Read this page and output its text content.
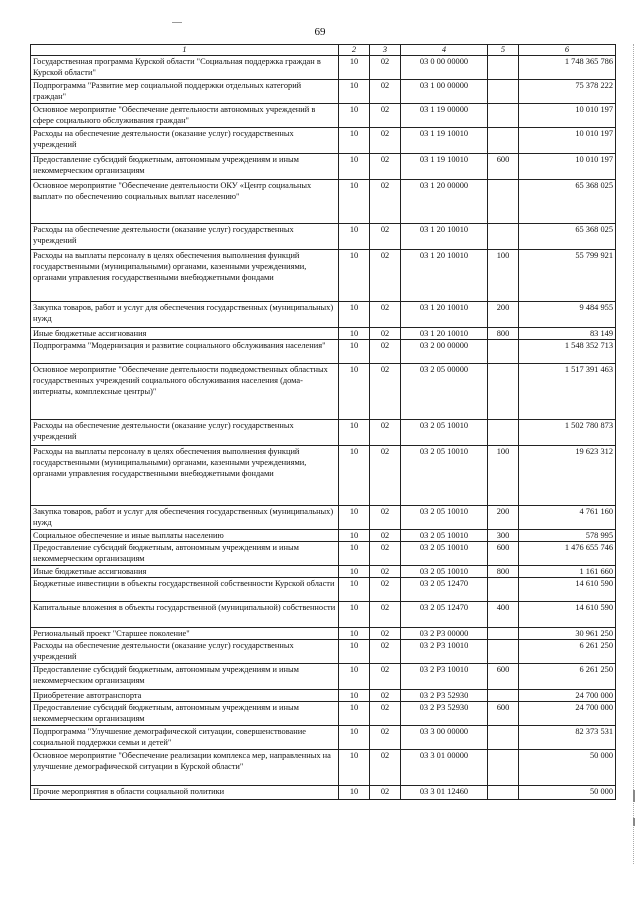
69
1	2	3	4	5	6
Государственная программа Курской области "Социальная поддержка граждан в Курской области"	10	02	03 0 00 00000		1 748 365 786
Подпрограмма "Развитие мер социальной поддержки отдельных категорий граждан"	10	02	03 1 00 00000		75 378 222
Основное мероприятие "Обеспечение деятельности автономных учреждений в сфере социального обслуживания граждан"	10	02	03 1 19 00000		10 010 197
Расходы на обеспечение деятельности (оказание услуг) государственных учреждений	10	02	03 1 19 10010		10 010 197
Предоставление субсидий бюджетным, автономным учреждениям и иным некоммерческим организациям	10	02	03 1 19 10010	600	10 010 197
Основное мероприятие "Обеспечение деятельности ОКУ «Центр социальных выплат» по обеспечению социальных выплат населению"	10	02	03 1 20 00000		65 368 025
Расходы на обеспечение деятельности (оказание услуг) государственных учреждений	10	02	03 1 20 10010		65 368 025
Расходы на выплаты персоналу в целях обеспечения выполнения функций государственными (муниципальными) органами, казенными учреждениями, органами управления государственными внебюджетными фондами	10	02	03 1 20 10010	100	55 799 921
Закупка товаров, работ и услуг для обеспечения государственных (муниципальных) нужд	10	02	03 1 20 10010	200	9 484 955
Иные бюджетные ассигнования	10	02	03 1 20 10010	800	83 149
Подпрограмма "Модернизация и развитие социального обслуживания населения"	10	02	03 2 00 00000		1 548 352 713
Основное мероприятие "Обеспечение деятельности подведомственных областных государственных учреждений социального обслуживания населения (дома-интернаты, комплексные центры)"	10	02	03 2 05 00000		1 517 391 463
Расходы на обеспечение деятельности (оказание услуг) государственных учреждений	10	02	03 2 05 10010		1 502 780 873
Расходы на выплаты персоналу в целях обеспечения выполнения функций государственными (муниципальными) органами, казенными учреждениями, органами управления государственными внебюджетными фондами	10	02	03 2 05 10010	100	19 623 312
Закупка товаров, работ и услуг для обеспечения государственных (муниципальных) нужд	10	02	03 2 05 10010	200	4 761 160
Социальное обеспечение и иные выплаты населению	10	02	03 2 05 10010	300	578 995
Предоставление субсидий бюджетным, автономным учреждениям и иным некоммерческим организациям	10	02	03 2 05 10010	600	1 476 655 746
Иные бюджетные ассигнования	10	02	03 2 05 10010	800	1 161 660
Бюджетные инвестиции в объекты государственной собственности Курской области	10	02	03 2 05 12470		14 610 590
Капитальные вложения в объекты государственной (муниципальной) собственности	10	02	03 2 05 12470	400	14 610 590
Региональный проект "Старшее поколение"	10	02	03 2 P3 00000		30 961 250
Расходы на обеспечение деятельности (оказание услуг) государственных учреждений	10	02	03 2 P3 10010		6 261 250
Предоставление субсидий бюджетным, автономным учреждениям и иным некоммерческим организациям	10	02	03 2 P3 10010	600	6 261 250
Приобретение автотранспорта	10	02	03 2 P3 52930		24 700 000
Предоставление субсидий бюджетным, автономным учреждениям и иным некоммерческим организациям	10	02	03 2 P3 52930	600	24 700 000
Подпрограмма "Улучшение демографической ситуации, совершенствование социальной поддержки семьи и детей"	10	02	03 3 00 00000		82 373 531
Основное мероприятие "Обеспечение реализации комплекса мер, направленных на улучшение демографической ситуации в Курской области"	10	02	03 3 01 00000		50 000
Прочие мероприятия в области социальной политики	10	02	03 3 01 12460		50 000
